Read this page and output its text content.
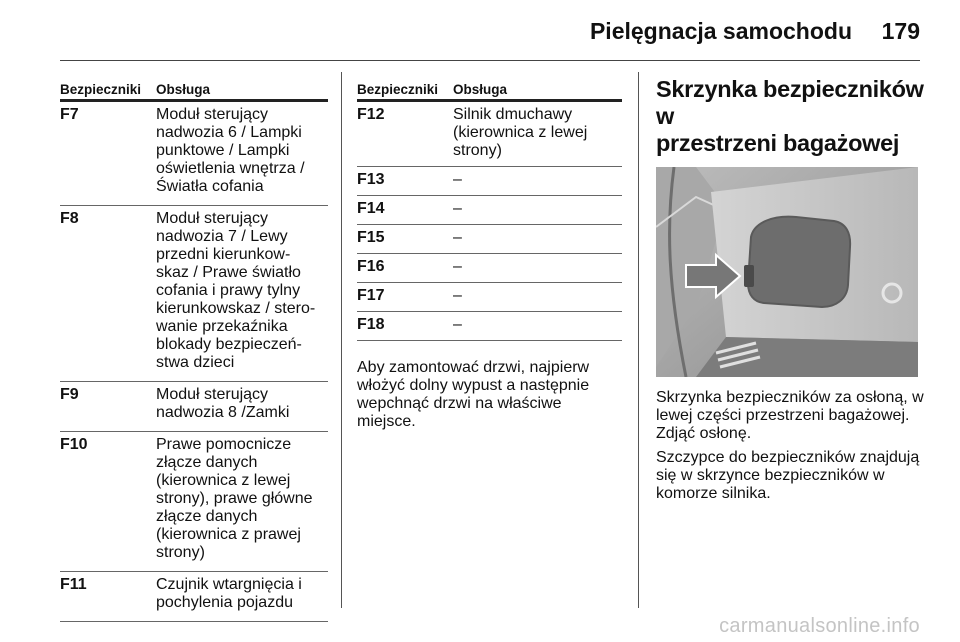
Pielęgnacja samochodu 179
Bezpieczniki	Obsługa
F7	Moduł sterujący
nadwozia 6 / Lampki
punktowe / Lampki
oświetlenia wnętrza /
Światła cofania
F8	Moduł sterujący
nadwozia 7 / Lewy
przedni kierunkow-
skaz / Prawe światło
cofania i prawy tylny
kierunkowskaz / stero-
wanie przekaźnika
blokady bezpieczeń-
stwa dzieci
F9	Moduł sterujący
nadwozia 8 /Zamki
F10	Prawe pomocnicze
złącze danych
(kierownica z lewej
strony), prawe główne
złącze danych
(kierownica z prawej
strony)
F11	Czujnik wtargnięcia i
pochylenia pojazdu
Bezpieczniki	Obsługa
F12	Silnik dmuchawy
(kierownica z lewej
strony)
F13	–
F14	–
F15	–
F16	–
F17	–
F18	–
Aby zamontować drzwi, najpierw
włożyć dolny wypust a następnie
wepchnąć drzwi na właściwe miejsce.
Skrzynka bezpieczników w
przestrzeni bagażowej
Skrzynka bezpieczników za osłoną, w
lewej części przestrzeni bagażowej.
Zdjąć osłonę.
Szczypce do bezpieczników znajdują
się w skrzynce bezpieczników w
komorze silnika.
carmanualsonline.info
